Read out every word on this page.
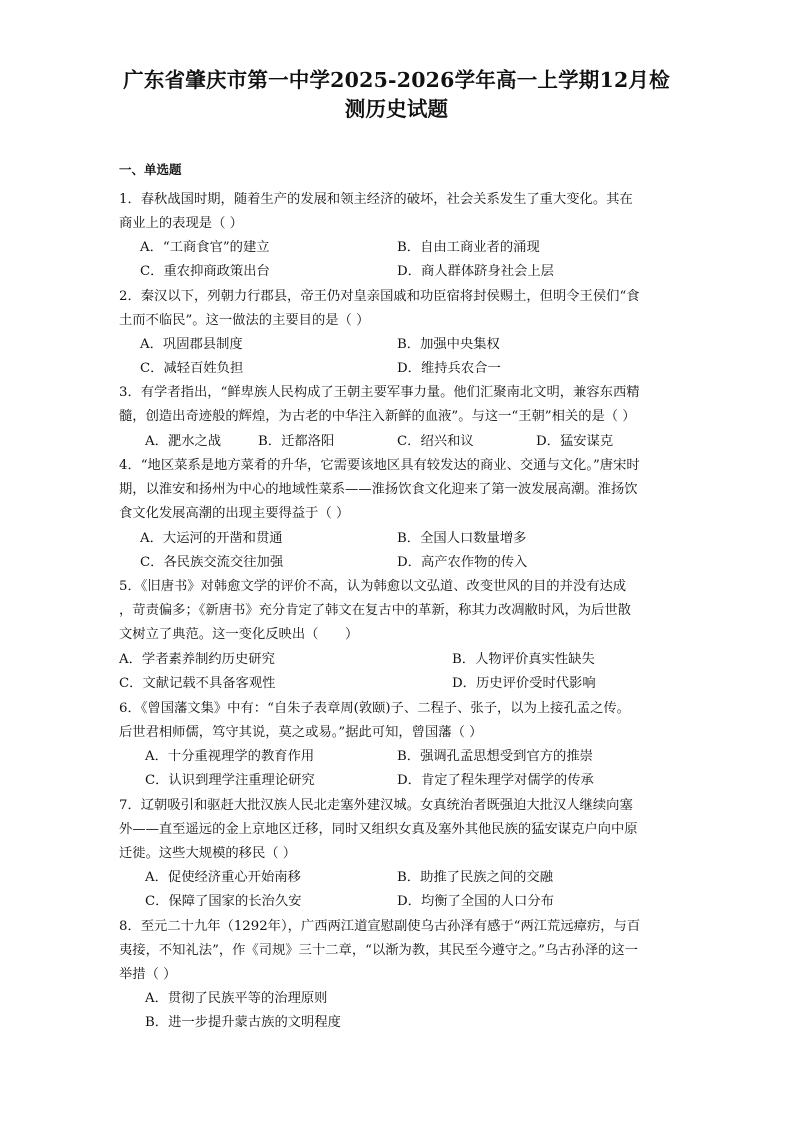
广东省肇庆市第一中学2025-2026学年高一上学期12月检
测历史试题
一、单选题
1．春秋战国时期，随着生产的发展和领主经济的破坏，社会关系发生了重大变化。其在
商业上的表现是（ ）
A．“工商食官”的建立	B．自由工商业者的涌现
C．重农抑商政策出台	D．商人群体跻身社会上层
2．秦汉以下，列朝力行郡县，帝王仍对皇亲国戚和功臣宿将封侯赐土，但明令王侯们“食
土而不临民”。这一做法的主要目的是（ ）
A．巩固郡县制度	B．加强中央集权
C．减轻百姓负担	D．维持兵农合一
3．有学者指出，“鲜卑族人民构成了王朝主要军事力量。他们汇聚南北文明，兼容东西精
髓，创造出奇迹般的辉煌，为古老的中华注入新鲜的血液”。与这一“王朝”相关的是（ ）
A．淝水之战	B．迁都洛阳	C．绍兴和议	D．猛安谋克
4．“地区菜系是地方菜肴的升华，它需要该地区具有较发达的商业、交通与文化。”唐宋时
期，以淮安和扬州为中心的地域性菜系——淮扬饮食文化迎来了第一波发展高潮。淮扬饮
食文化发展高潮的出现主要得益于（ ）
A．大运河的开凿和贯通	B．全国人口数量增多
C．各民族交流交往加强	D．高产农作物的传入
5．《旧唐书》对韩愈文学的评价不高，认为韩愈以文弘道、改变世风的目的并没有达成
，苛责偏多；《新唐书》充分肯定了韩文在复古中的革新，称其力改凋敝时风，为后世散
文树立了典范。这一变化反映出（　　）
A．学者素养制约历史研究	B．人物评价真实性缺失
C．文献记载不具备客观性	D．历史评价受时代影响
6．《曾国藩文集》中有：“自朱子表章周(敦颐)子、二程子、张子，以为上接孔孟之传。
后世君相师儒，笃守其说，莫之或易。”据此可知，曾国藩（ ）
A．十分重视理学的教育作用	B．强调孔孟思想受到官方的推崇
C．认识到理学注重理论研究	D．肯定了程朱理学对儒学的传承
7．辽朝吸引和驱赶大批汉族人民北走塞外建汉城。女真统治者既强迫大批汉人继续向塞
外——直至遥远的金上京地区迁移，同时又组织女真及塞外其他民族的猛安谋克户向中原
迁徙。这些大规模的移民（ ）
A．促使经济重心开始南移	B．助推了民族之间的交融
C．保障了国家的长治久安	D．均衡了全国的人口分布
8．至元二十九年（1292年），广西两江道宣慰副使乌古孙泽有感于“两江荒远瘴疠，与百
夷接，不知礼法”，作《司规》三十二章，“以渐为教，其民至今遵守之。”乌古孙泽的这一
举措（ ）
A．贯彻了民族平等的治理原则
B．进一步提升蒙古族的文明程度
